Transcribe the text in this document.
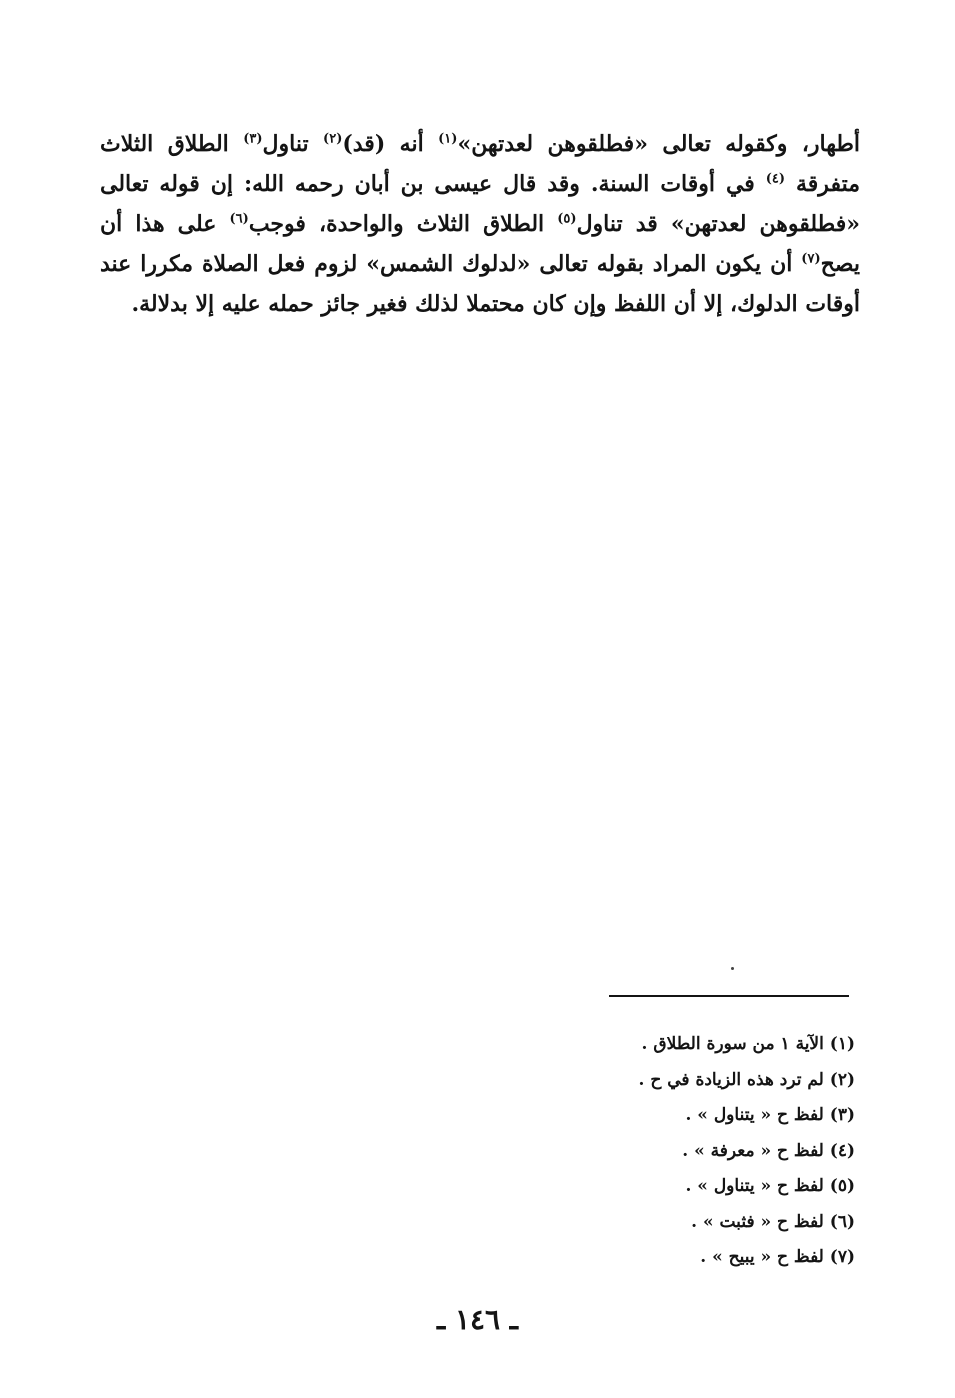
أطهار، وكقوله تعالى «فطلقوهن لعدتهن»$^{(١)}$ أنه (قد)$^{(٢)}$ تناول$^{(٣)}$ الطلاق الثلاث متفرقة $^{(٤)}$ في أوقات السنة. وقد قال عيسى بن أبان رحمه الله: إن قوله تعالى «فطلقوهن لعدتهن» قد تناول$^{(٥)}$ الطلاق الثلاث والواحدة، فوجب$^{(٦)}$ على هذا أن يصح$^{(٧)}$ أن يكون المراد بقوله تعالى «لدلوك الشمس» لزوم فعل الصلاة مكررا عند أوقات الدلوك، إلا أن اللفظ وإن كان محتملا لذلك فغير جائز حمله عليه إلا بدلالة.

(١) الآية ١ من سورة الطلاق .
(٢) لم ترد هذه الزيادة في ح .
(٣) لفظ ح « يتناول » .
(٤) لفظ ح « معرفة » .
(٥) لفظ ح « يتناول » .
(٦) لفظ ح « فثبت » .
(٧) لفظ ح « يبيح » .
ـ ١٤٦ ـ
